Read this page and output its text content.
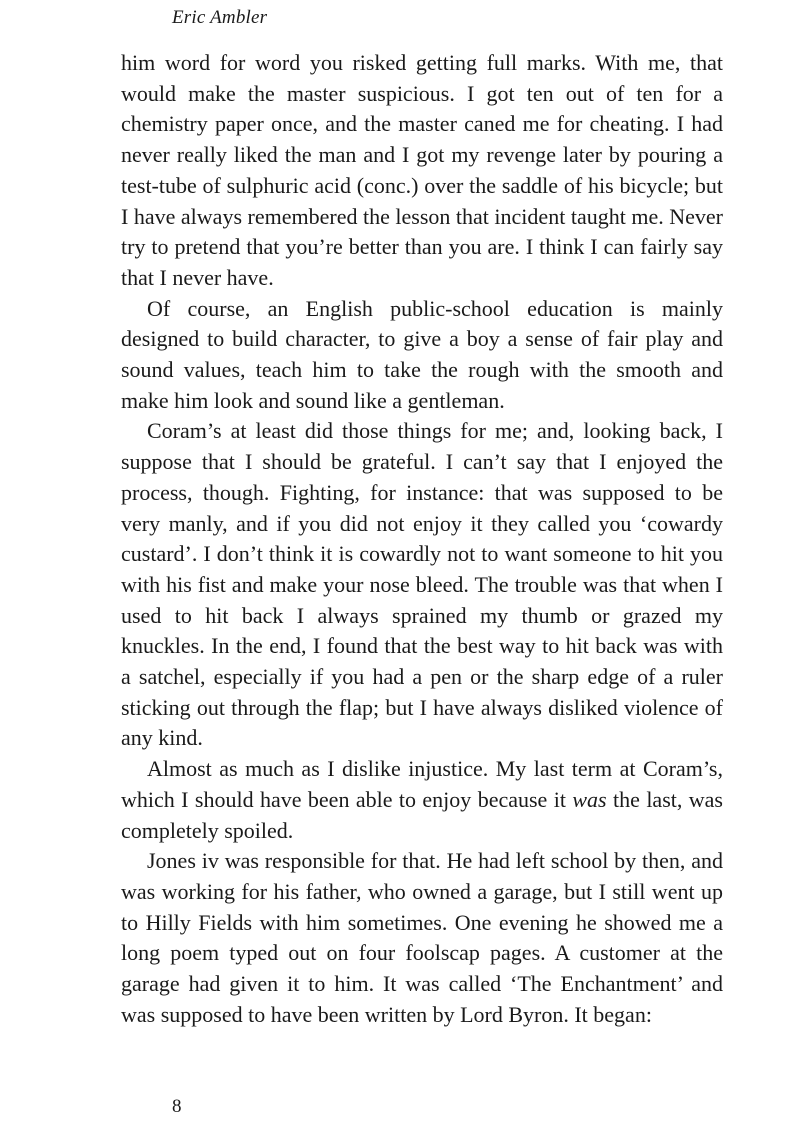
Eric Ambler

him word for word you risked getting full marks. With me, that would make the master suspicious. I got ten out of ten for a chemistry paper once, and the master caned me for cheating. I had never really liked the man and I got my revenge later by pouring a test-tube of sulphuric acid (conc.) over the saddle of his bicycle; but I have always remembered the lesson that incident taught me. Never try to pretend that you’re better than you are. I think I can fairly say that I never have.

Of course, an English public-school education is mainly designed to build character, to give a boy a sense of fair play and sound values, teach him to take the rough with the smooth and make him look and sound like a gentleman.

Coram’s at least did those things for me; and, looking back, I suppose that I should be grateful. I can’t say that I enjoyed the process, though. Fighting, for instance: that was supposed to be very manly, and if you did not enjoy it they called you ‘cowardy custard’. I don’t think it is cowardly not to want someone to hit you with his fist and make your nose bleed. The trouble was that when I used to hit back I always sprained my thumb or grazed my knuckles. In the end, I found that the best way to hit back was with a satchel, especially if you had a pen or the sharp edge of a ruler sticking out through the flap; but I have always disliked violence of any kind.

Almost as much as I dislike injustice. My last term at Coram’s, which I should have been able to enjoy because it was the last, was completely spoiled.

Jones iv was responsible for that. He had left school by then, and was working for his father, who owned a garage, but I still went up to Hilly Fields with him sometimes. One evening he showed me a long poem typed out on four foolscap pages. A customer at the garage had given it to him. It was called ‘The Enchantment’ and was supposed to have been written by Lord Byron. It began:

8
